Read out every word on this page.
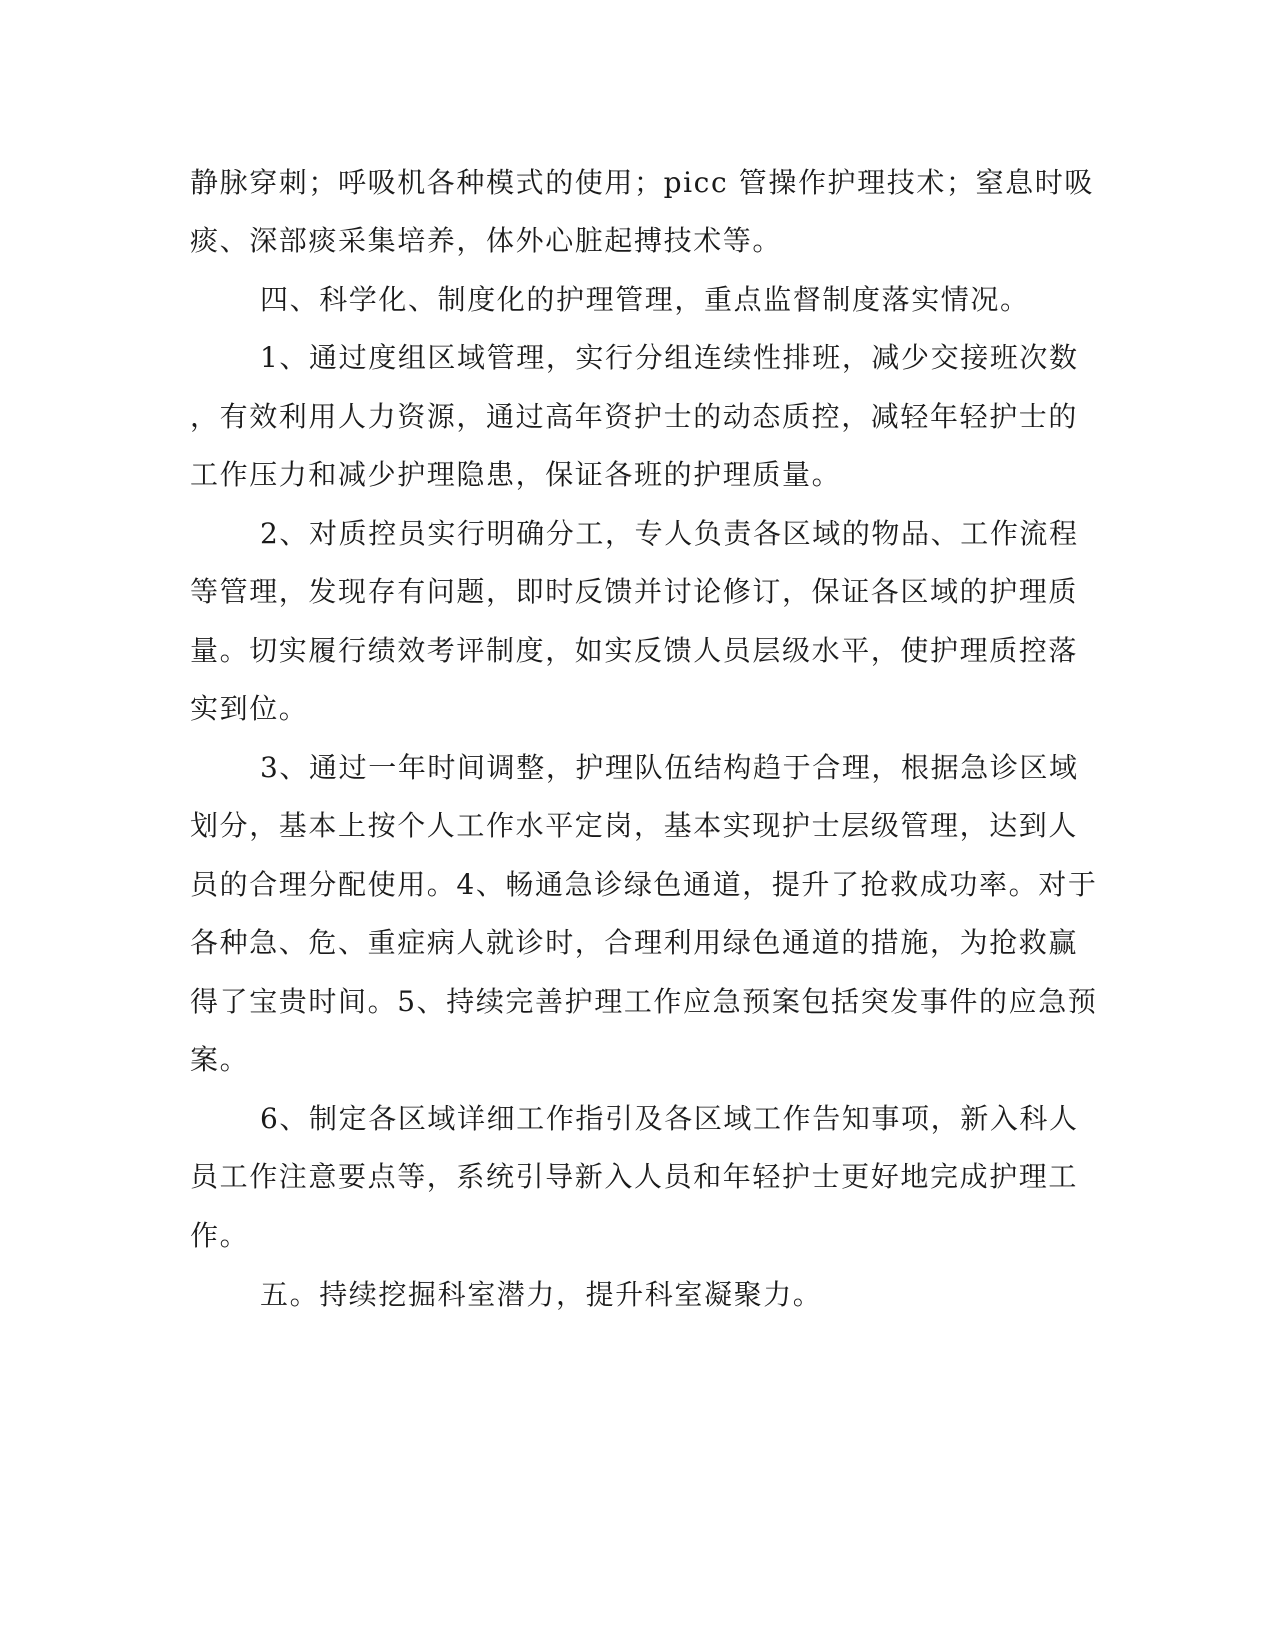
静脉穿刺；呼吸机各种模式的使用；picc 管操作护理技术；窒息时吸
痰、深部痰采集培养，体外心脏起搏技术等。
四、科学化、制度化的护理管理，重点监督制度落实情况。
1、通过度组区域管理，实行分组连续性排班，减少交接班次数
，有效利用人力资源，通过高年资护士的动态质控，减轻年轻护士的
工作压力和减少护理隐患，保证各班的护理质量。
2、对质控员实行明确分工，专人负责各区域的物品、工作流程
等管理，发现存有问题，即时反馈并讨论修订，保证各区域的护理质
量。切实履行绩效考评制度，如实反馈人员层级水平，使护理质控落
实到位。
3、通过一年时间调整，护理队伍结构趋于合理，根据急诊区域
划分，基本上按个人工作水平定岗，基本实现护士层级管理，达到人
员的合理分配使用。4、畅通急诊绿色通道，提升了抢救成功率。对于
各种急、危、重症病人就诊时，合理利用绿色通道的措施，为抢救赢
得了宝贵时间。5、持续完善护理工作应急预案包括突发事件的应急预
案。
6、制定各区域详细工作指引及各区域工作告知事项，新入科人
员工作注意要点等，系统引导新入人员和年轻护士更好地完成护理工
作。
五。持续挖掘科室潜力，提升科室凝聚力。
